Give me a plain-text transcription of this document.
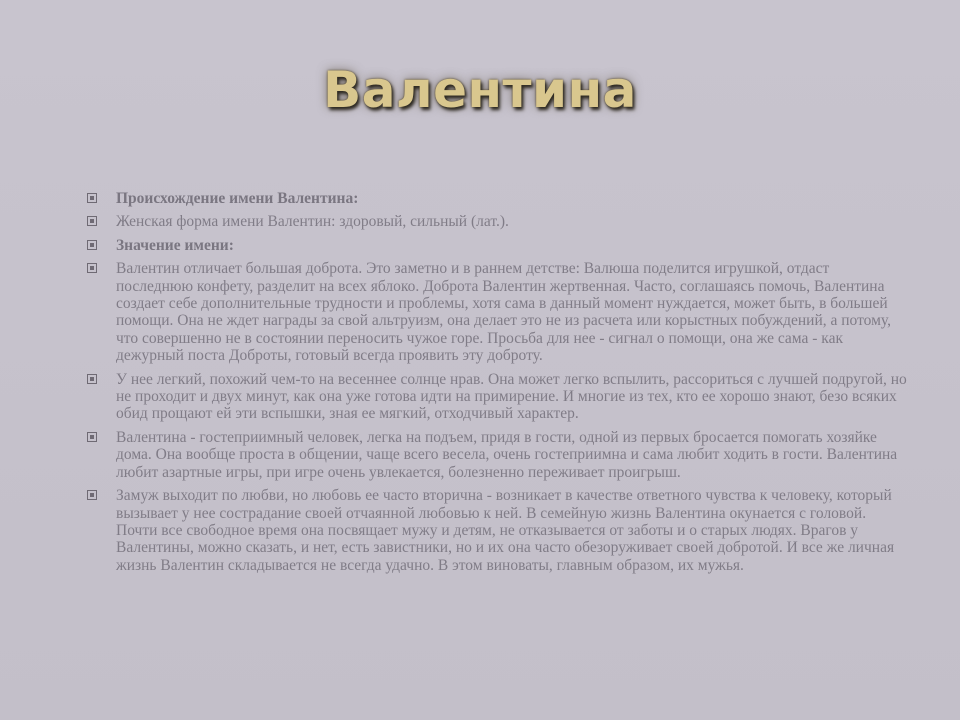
Валентина
Происхождение имени Валентина:
Женская форма имени Валентин: здоровый, сильный (лат.).
Значение имени:
Валентин отличает большая доброта. Это заметно и в раннем детстве: Валюша поделится игрушкой, отдаст последнюю конфету, разделит на всех яблоко. Доброта Валентин жертвенная. Часто, соглашаясь помочь, Валентина создает себе дополнительные трудности и проблемы, хотя сама в данный момент нуждается, может быть, в большей помощи. Она не ждет награды за свой альтруизм, она делает это не из расчета или корыстных побуждений, а потому, что совершенно не в состоянии переносить чужое горе. Просьба для нее - сигнал о помощи, она же сама - как дежурный поста Доброты, готовый всегда проявить эту доброту.
У нее легкий, похожий чем-то на весеннее солнце нрав. Она может легко вспылить, рассориться с лучшей подругой, но не проходит и двух минут, как она уже готова идти на примирение. И многие из тех, кто ее хорошо знают, безо всяких обид прощают ей эти вспышки, зная ее мягкий, отходчивый характер.
Валентина - гостеприимный человек, легка на подъем, придя в гости, одной из первых бросается помогать хозяйке дома. Она вообще проста в общении, чаще всего весела, очень гостеприимна и сама любит ходить в гости. Валентина любит азартные игры, при игре очень увлекается, болезненно переживает проигрыш.
Замуж выходит по любви, но любовь ее часто вторична - возникает в качестве ответного чувства к человеку, который вызывает у нее сострадание своей отчаянной любовью к ней. В семейную жизнь Валентина окунается с головой. Почти все свободное время она посвящает мужу и детям, не отказывается от заботы и о старых людях. Врагов у Валентины, можно сказать, и нет, есть завистники, но и их она часто обезоруживает своей добротой. И все же личная жизнь Валентин складывается не всегда удачно. В этом виноваты, главным образом, их мужья.
